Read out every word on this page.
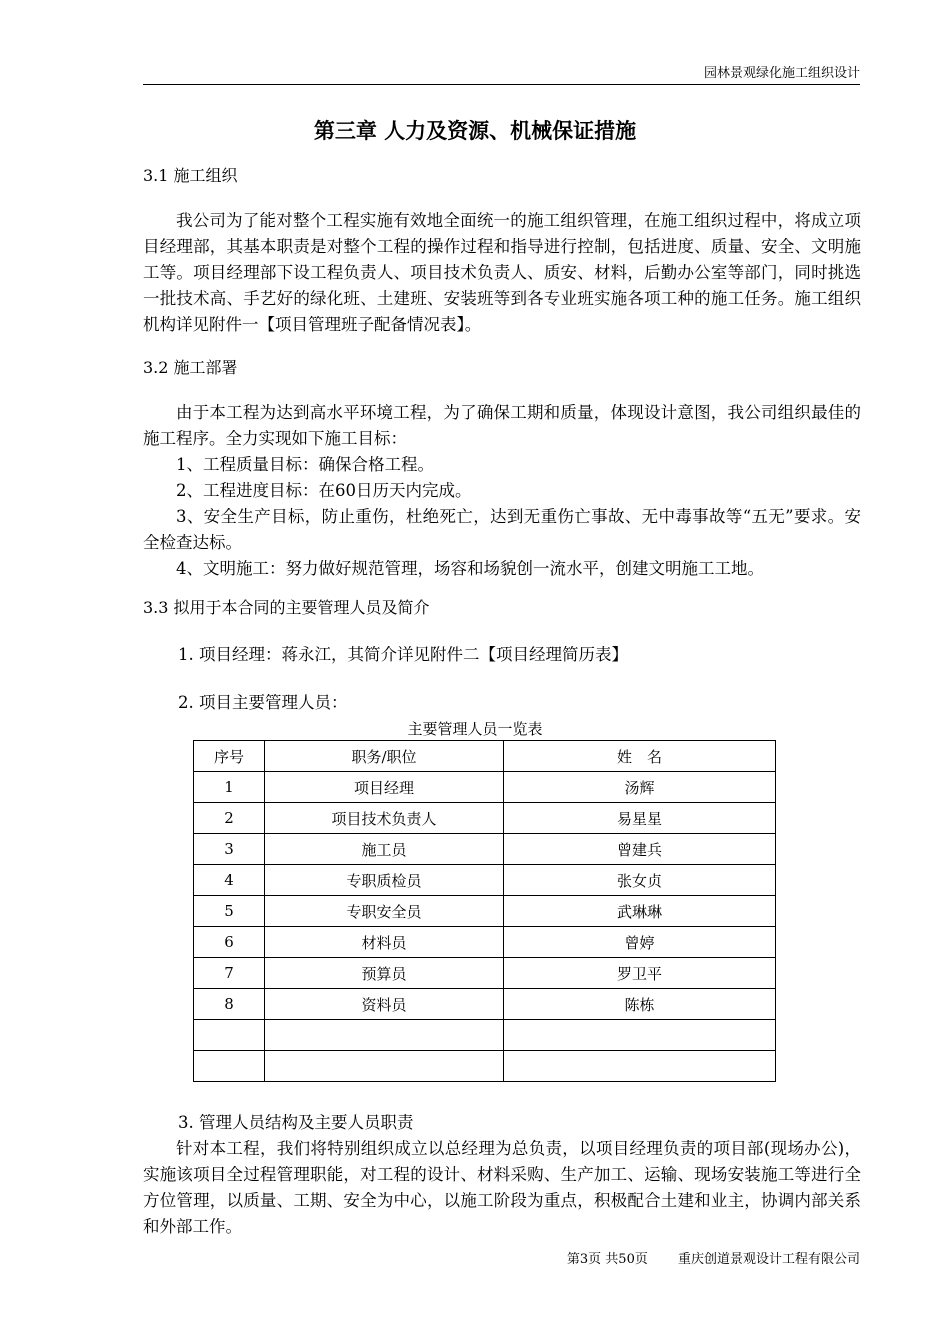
园林景观绿化施工组织设计
第三章 人力及资源、机械保证措施
3.1 施工组织

我公司为了能对整个工程实施有效地全面统一的施工组织管理，在施工组织过程中，将成立项目经理部，其基本职责是对整个工程的操作过程和指导进行控制，包括进度、质量、安全、文明施工等。项目经理部下设工程负责人、项目技术负责人、质安、材料，后勤办公室等部门，同时挑选一批技术高、手艺好的绿化班、土建班、安装班等到各专业班实施各项工种的施工任务。施工组织机构详见附件一【项目管理班子配备情况表】。

3.2 施工部署

由于本工程为达到高水平环境工程，为了确保工期和质量，体现设计意图，我公司组织最佳的施工程序。全力实现如下施工目标：

1、工程质量目标：确保合格工程。
2、工程进度目标：在60日历天内完成。

3、安全生产目标，防止重伤，杜绝死亡，达到无重伤亡事故、无中毒事故等“五无”要求。安全检查达标。

4、文明施工：努力做好规范管理，场容和场貌创一流水平，创建文明施工工地。
3.3 拟用于本合同的主要管理人员及简介
1. 项目经理：蒋永江，其简介详见附件二【项目经理简历表】
2. 项目主要管理人员：
主要管理人员一览表
序号	职务/职位	姓　名
1	项目经理	汤辉
2	项目技术负责人	易星星
3	施工员	曾建兵
4	专职质检员	张女贞
5	专职安全员	武琳琳
6	材料员	曾婷
7	预算员	罗卫平
8	资料员	陈栋

3. 管理人员结构及主要人员职责

针对本工程，我们将特别组织成立以总经理为总负责，以项目经理负责的项目部(现场办公)，实施该项目全过程管理职能，对工程的设计、材料采购、生产加工、运输、现场安装施工等进行全方位管理，以质量、工期、安全为中心，以施工阶段为重点，积极配合土建和业主，协调内部关系和外部工作。

第3页 共50页 重庆创道景观设计工程有限公司
